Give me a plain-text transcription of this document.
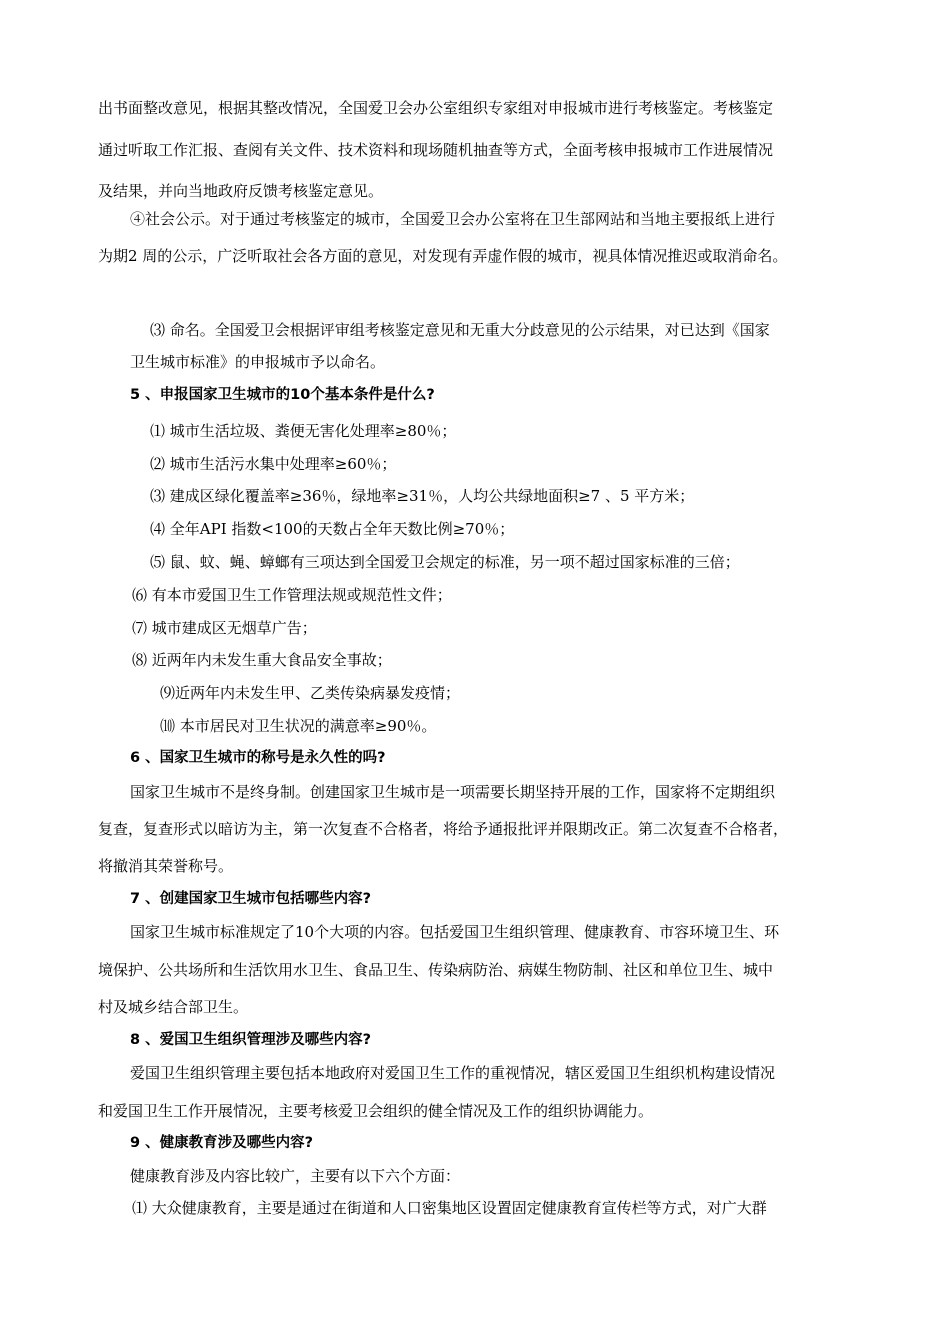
出书面整改意见，根据其整改情况，全国爱卫会办公室组织专家组对申报城市进行考核鉴定。考核鉴定
通过听取工作汇报、查阅有关文件、技术资料和现场随机抽查等方式，全面考核申报城市工作进展情况
及结果，并向当地政府反馈考核鉴定意见。
④社会公示。对于通过考核鉴定的城市，全国爱卫会办公室将在卫生部网站和当地主要报纸上进行
为期2 周的公示，广泛听取社会各方面的意见，对发现有弄虚作假的城市，视具体情况推迟或取消命名。
⑶ 命名。全国爱卫会根据评审组考核鉴定意见和无重大分歧意见的公示结果，对已达到《国家
卫生城市标准》的申报城市予以命名。
5 、申报国家卫生城市的10个基本条件是什么?
⑴ 城市生活垃圾、粪便无害化处理率≥80％；
⑵ 城市生活污水集中处理率≥60％；
⑶ 建成区绿化覆盖率≥36％，绿地率≥31％，人均公共绿地面积≥7 、5 平方米；
⑷ 全年API 指数<100的天数占全年天数比例≥70％；
⑸ 鼠、蚊、蝇、蟑螂有三项达到全国爱卫会规定的标准，另一项不超过国家标准的三倍；
⑹ 有本市爱国卫生工作管理法规或规范性文件；
⑺ 城市建成区无烟草广告；
⑻ 近两年内未发生重大食品安全事故；
⑼近两年内未发生甲、乙类传染病暴发疫情；
⑽ 本市居民对卫生状况的满意率≥90％。
6 、国家卫生城市的称号是永久性的吗?
国家卫生城市不是终身制。创建国家卫生城市是一项需要长期坚持开展的工作，国家将不定期组织
复查，复查形式以暗访为主，第一次复查不合格者，将给予通报批评并限期改正。第二次复查不合格者，
将撤消其荣誉称号。
7 、创建国家卫生城市包括哪些内容?
国家卫生城市标准规定了10个大项的内容。包括爱国卫生组织管理、健康教育、市容环境卫生、环
境保护、公共场所和生活饮用水卫生、食品卫生、传染病防治、病媒生物防制、社区和单位卫生、城中
村及城乡结合部卫生。
8 、爱国卫生组织管理涉及哪些内容?
爱国卫生组织管理主要包括本地政府对爱国卫生工作的重视情况，辖区爱国卫生组织机构建设情况
和爱国卫生工作开展情况，主要考核爱卫会组织的健全情况及工作的组织协调能力。
9 、健康教育涉及哪些内容?
健康教育涉及内容比较广，主要有以下六个方面：
⑴ 大众健康教育，主要是通过在街道和人口密集地区设置固定健康教育宣传栏等方式，对广大群
